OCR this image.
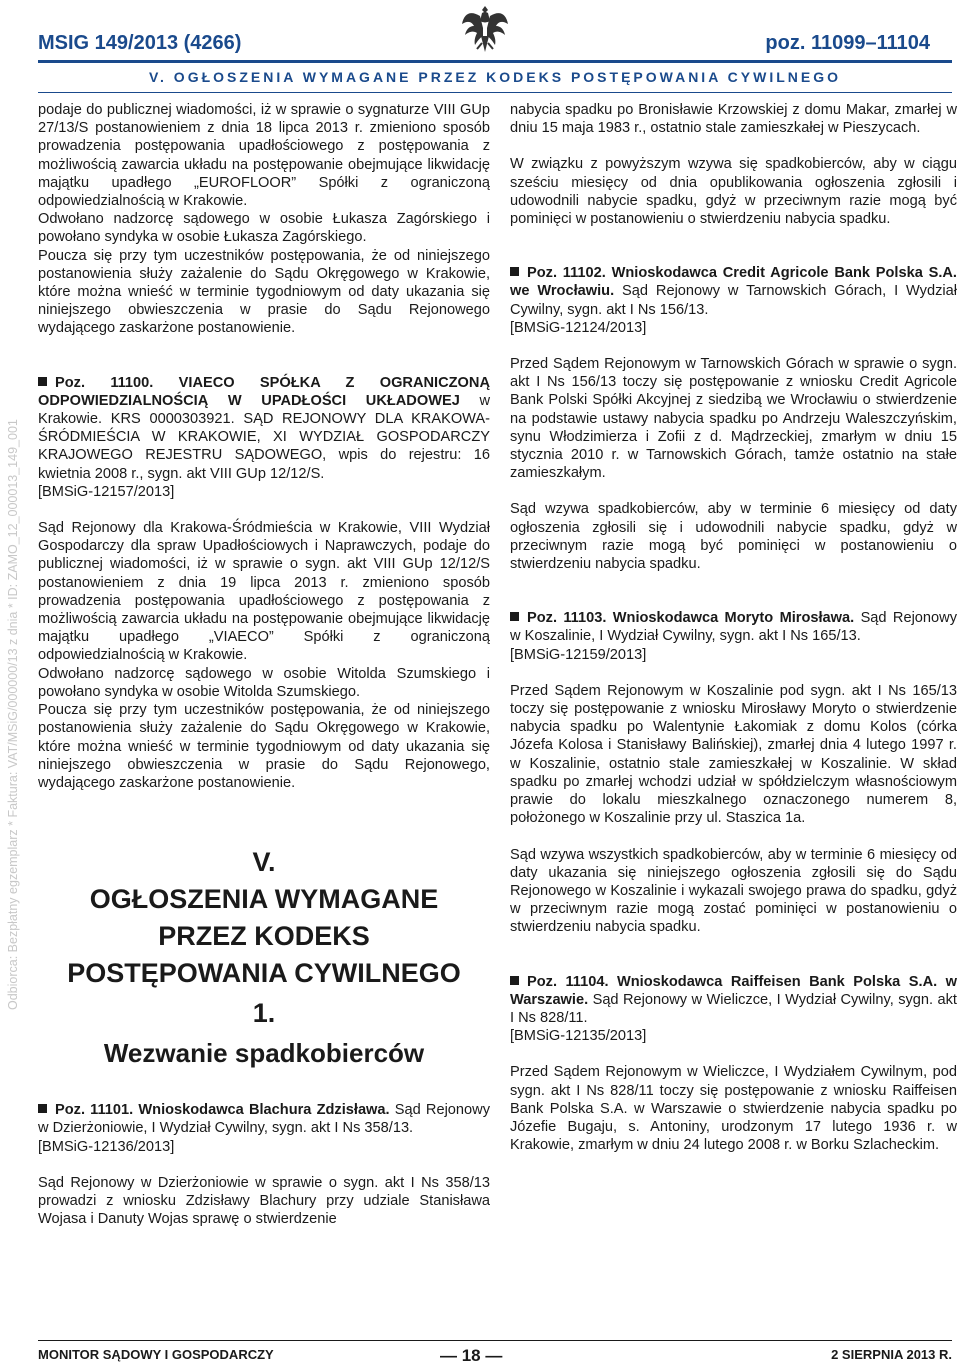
Odbiorca: Bezpłatny egzemplarz * Faktura: VAT/MSiG/000000/13 z dnia * ID: ZAMO_12_000013_149_001
MSIG 149/2013 (4266)	poz. 11099–11104
V. OGŁOSZENIA WYMAGANE PRZEZ KODEKS POSTĘPOWANIA CYWILNEGO

podaje do publicznej wiadomości, iż w sprawie o sygnaturze VIII GUp 27/13/S postanowieniem z dnia 18 lipca 2013 r. zmieniono sposób prowadzenia postępowania upadłościowego z postępowania z możliwością zawarcia układu na postępowanie obejmujące likwidację majątku upadłego „EUROFLOOR” Spółki z ograniczoną odpowiedzialnością w Krakowie.

Odwołano nadzorcę sądowego w osobie Łukasza Zagórskiego i powołano syndyka w osobie Łukasza Zagórskiego.

Poucza się przy tym uczestników postępowania, że od niniejszego postanowienia służy zażalenie do Sądu Okręgowego w Krakowie, które można wnieść w terminie tygodniowym od daty ukazania się niniejszego obwieszczenia w prasie do Sądu Rejonowego wydającego zaskarżone postanowienie.

Poz. 11100. VIAECO SPÓŁKA Z OGRANICZONĄ ODPOWIEDZIALNOŚCIĄ W UPADŁOŚCI UKŁADOWEJ w Krakowie. KRS 0000303921. SĄD REJONOWY DLA KRAKOWA-ŚRÓDMIEŚCIA W KRAKOWIE, XI WYDZIAŁ GOSPODARCZY KRAJOWEGO REJESTRU SĄDOWEGO, wpis do rejestru: 16 kwietnia 2008 r., sygn. akt VIII GUp 12/12/S.

[BMSiG-12157/2013]

Sąd Rejonowy dla Krakowa-Śródmieścia w Krakowie, VIII Wydział Gospodarczy dla spraw Upadłościowych i Naprawczych, podaje do publicznej wiadomości, iż w sprawie o sygn. akt VIII GUp 12/12/S postanowieniem z dnia 19 lipca 2013 r. zmieniono sposób prowadzenia postępowania upadłościowego z postępowania z możliwością zawarcia układu na postępowanie obejmujące likwidację majątku upadłego „VIAECO” Spółki z ograniczoną odpowiedzialnością w Krakowie.

Odwołano nadzorcę sądowego w osobie Witolda Szumskiego i powołano syndyka w osobie Witolda Szumskiego.

Poucza się przy tym uczestników postępowania, że od niniejszego postanowienia służy zażalenie do Sądu Okręgowego w Krakowie, które można wnieść w terminie tygodniowym od daty ukazania się niniejszego obwieszczenia w prasie do Sądu Rejonowego, wydającego zaskarżone postanowienie.

V.
OGŁOSZENIA WYMAGANE
PRZEZ KODEKS
POSTĘPOWANIA CYWILNEGO
1.
Wezwanie spadkobierców

Poz. 11101. Wnioskodawca Blachura Zdzisława. Sąd Rejonowy w Dzierżoniowie, I Wydział Cywilny, sygn. akt I Ns 358/13.

[BMSiG-12136/2013]

Sąd Rejonowy w Dzierżoniowie w sprawie o sygn. akt I Ns 358/13 prowadzi z wniosku Zdzisławy Blachury przy udziale Stanisława Wojasa i Danuty Wojas sprawę o stwierdzenie

nabycia spadku po Bronisławie Krzowskiej z domu Makar, zmarłej w dniu 15 maja 1983 r., ostatnio stale zamieszkałej w Pieszycach.

W związku z powyższym wzywa się spadkobierców, aby w ciągu sześciu miesięcy od dnia opublikowania ogłoszenia zgłosili i udowodnili nabycie spadku, gdyż w przeciwnym razie mogą być pominięci w postanowieniu o stwierdzeniu nabycia spadku.

Poz. 11102. Wnioskodawca Credit Agricole Bank Polska S.A. we Wrocławiu. Sąd Rejonowy w Tarnowskich Górach, I Wydział Cywilny, sygn. akt I Ns 156/13.

[BMSiG-12124/2013]

Przed Sądem Rejonowym w Tarnowskich Górach w sprawie o sygn. akt I Ns 156/13 toczy się postępowanie z wniosku Credit Agricole Bank Polski Spółki Akcyjnej z siedzibą we Wrocławiu o stwierdzenie na podstawie ustawy nabycia spadku po Andrzeju Waleszczyńskim, synu Włodzimierza i Zofii z d. Mądrzeckiej, zmarłym w dniu 15 stycznia 2010 r. w Tarnowskich Górach, tamże ostatnio na stałe zamieszkałym.

Sąd wzywa spadkobierców, aby w terminie 6 miesięcy od daty ogłoszenia zgłosili się i udowodnili nabycie spadku, gdyż w przeciwnym razie mogą być pominięci w postanowieniu o stwierdzeniu nabycia spadku.

Poz. 11103. Wnioskodawca Moryto Mirosława. Sąd Rejonowy w Koszalinie, I Wydział Cywilny, sygn. akt I Ns 165/13.

[BMSiG-12159/2013]

Przed Sądem Rejonowym w Koszalinie pod sygn. akt I Ns 165/13 toczy się postępowanie z wniosku Mirosławy Moryto o stwierdzenie nabycia spadku po Walentynie Łakomiak z domu Kolos (córka Józefa Kolosa i Stanisławy Balińskiej), zmarłej dnia 4 lutego 1997 r. w Koszalinie, ostatnio stale zamieszkałej w Koszalinie. W skład spadku po zmarłej wchodzi udział w spółdzielczym własnościowym prawie do lokalu mieszkalnego oznaczonego numerem 8, położonego w Koszalinie przy ul. Staszica 1a.

Sąd wzywa wszystkich spadkobierców, aby w terminie 6 miesięcy od daty ukazania się niniejszego ogłoszenia zgłosili się do Sądu Rejonowego w Koszalinie i wykazali swojego prawa do spadku, gdyż w przeciwnym razie mogą zostać pominięci w postanowieniu o stwierdzeniu nabycia spadku.

Poz. 11104. Wnioskodawca Raiffeisen Bank Polska S.A. w Warszawie. Sąd Rejonowy w Wieliczce, I Wydział Cywilny, sygn. akt I Ns 828/11.

[BMSiG-12135/2013]

Przed Sądem Rejonowym w Wieliczce, I Wydziałem Cywilnym, pod sygn. akt I Ns 828/11 toczy się postępowanie z wniosku Raiffeisen Bank Polska S.A. w Warszawie o stwierdzenie nabycia spadku po Józefie Bugaju, s. Antoniny, urodzonym 17 lutego 1936 r. w Krakowie, zmarłym w dniu 24 lutego 2008 r. w Borku Szlacheckim.

MONITOR SĄDOWY I GOSPODARCZY	— 18 —	2 SIERPNIA 2013 R.
